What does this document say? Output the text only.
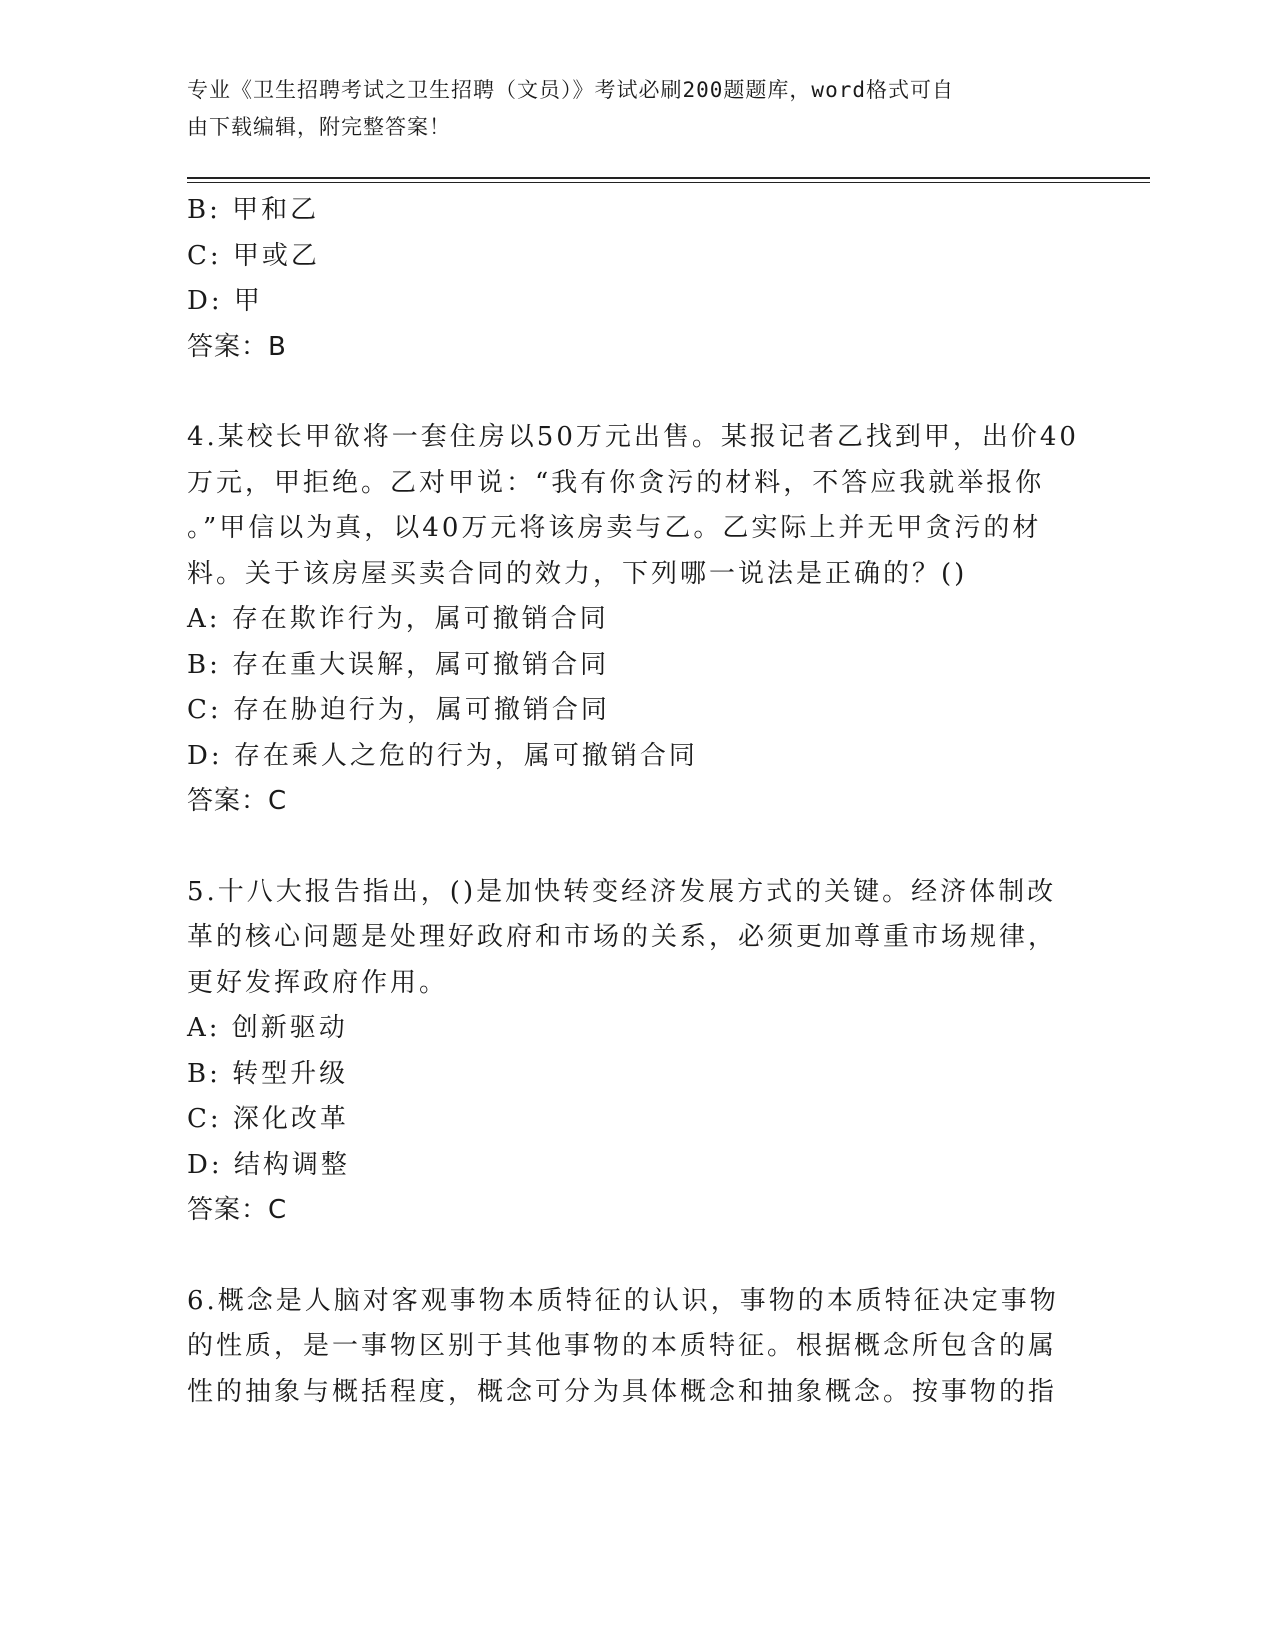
专业《卫生招聘考试之卫生招聘（文员）》考试必刷200题题库，word格式可自
由下载编辑，附完整答案！
B: 甲和乙
C: 甲或乙
D: 甲
答案：B
4.某校长甲欲将一套住房以50万元出售。某报记者乙找到甲，出价40
万元，甲拒绝。乙对甲说：“我有你贪污的材料，不答应我就举报你
。”甲信以为真，以40万元将该房卖与乙。乙实际上并无甲贪污的材
料。关于该房屋买卖合同的效力，下列哪一说法是正确的？()
A: 存在欺诈行为，属可撤销合同
B: 存在重大误解，属可撤销合同
C: 存在胁迫行为，属可撤销合同
D: 存在乘人之危的行为，属可撤销合同
答案：C
5.十八大报告指出，()是加快转变经济发展方式的关键。经济体制改
革的核心问题是处理好政府和市场的关系，必须更加尊重市场规律，
更好发挥政府作用。
A: 创新驱动
B: 转型升级
C: 深化改革
D: 结构调整
答案：C
6.概念是人脑对客观事物本质特征的认识，事物的本质特征决定事物
的性质，是一事物区别于其他事物的本质特征。根据概念所包含的属
性的抽象与概括程度，概念可分为具体概念和抽象概念。按事物的指
